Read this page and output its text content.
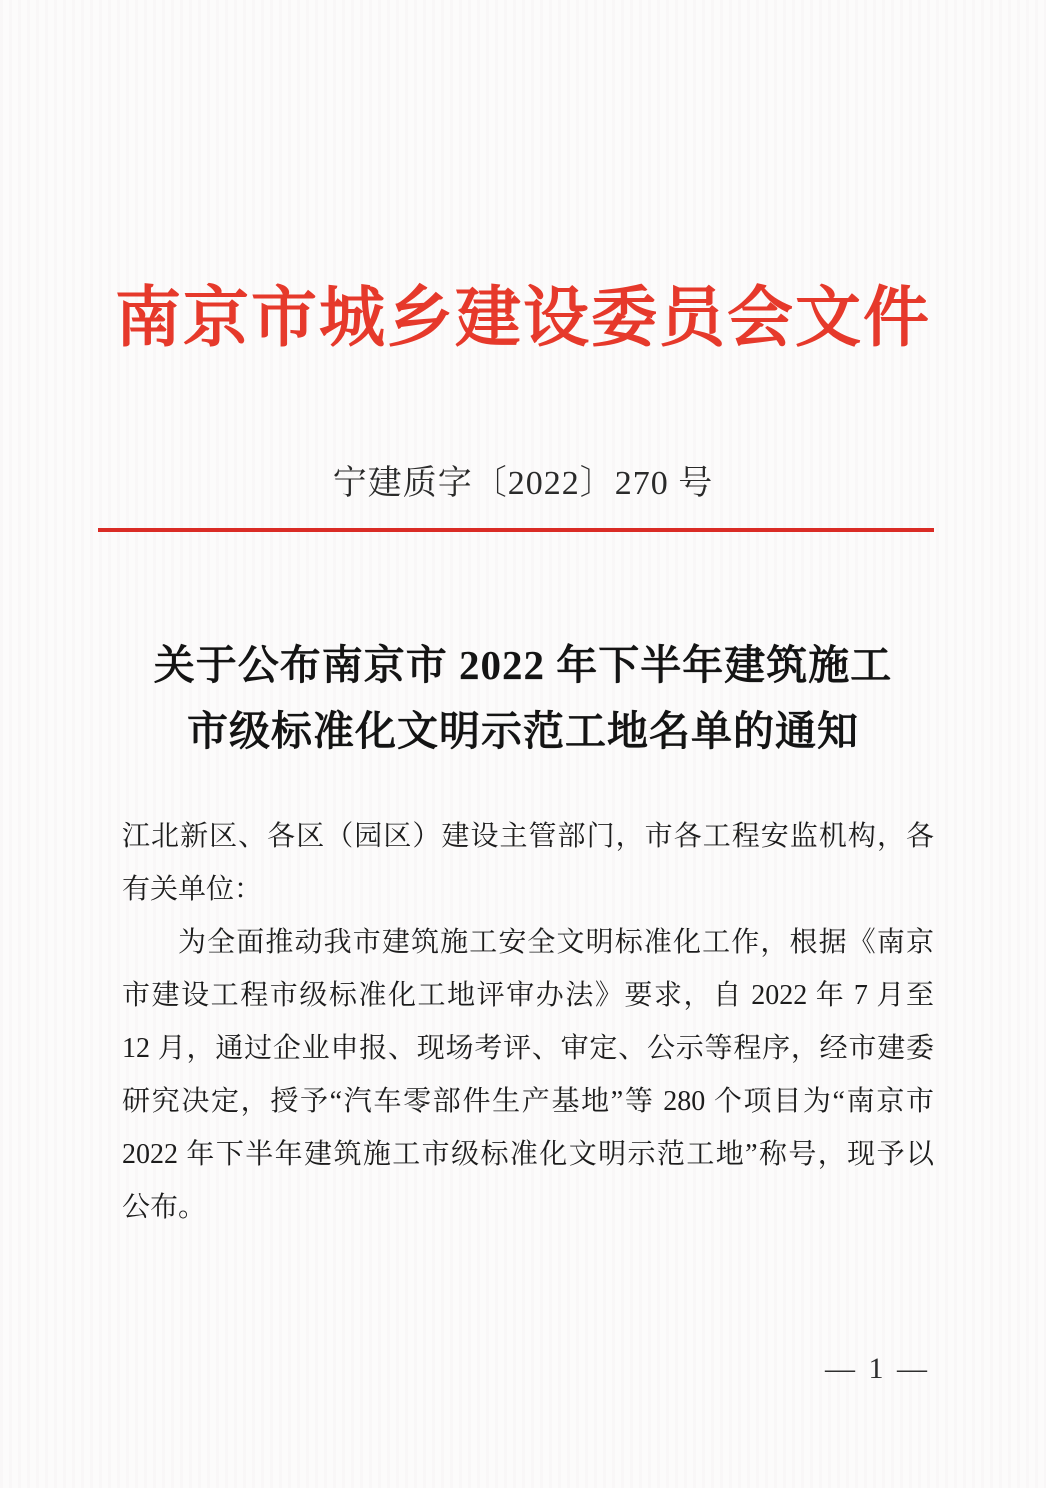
南京市城乡建设委员会文件
宁建质字〔2022〕270 号
关于公布南京市 2022 年下半年建筑施工
市级标准化文明示范工地名单的通知

江北新区、各区（园区）建设主管部门，市各工程安监机构，各

有关单位：

为全面推动我市建筑施工安全文明标准化工作，根据《南京

市建设工程市级标准化工地评审办法》要求，自 2022 年 7 月至

12 月，通过企业申报、现场考评、审定、公示等程序，经市建委

研究决定，授予“汽车零部件生产基地”等 280 个项目为“南京市

2022 年下半年建筑施工市级标准化文明示范工地”称号，现予以

公布。

— 1 —
